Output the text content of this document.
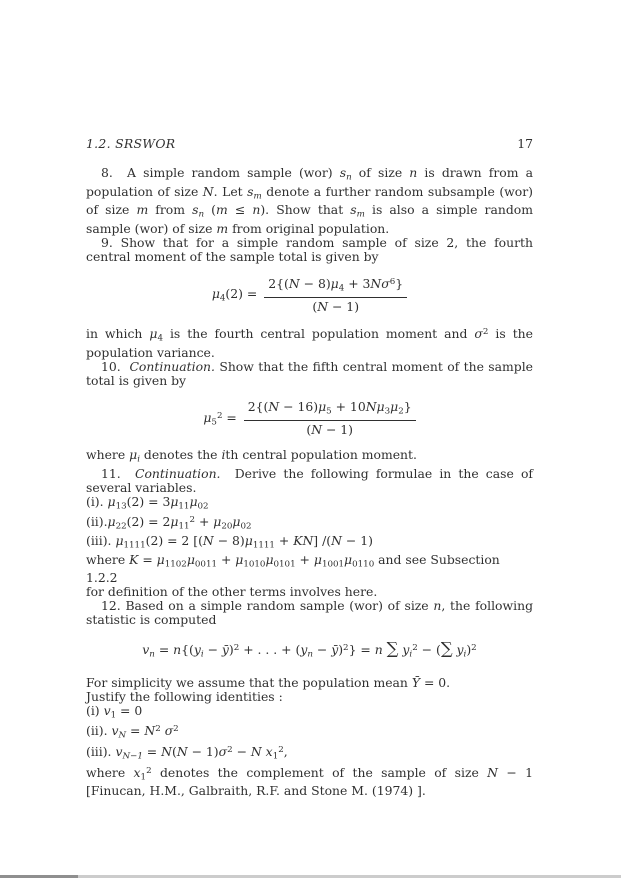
1.2. SRSWOR	17

8.  A simple random sample (wor) $s_n$ of size n is drawn from a population of size N. Let $s_m$ denote a further random subsample (wor) of size m from $s_n$ (m ≤ n). Show that $s_m$ is also a simple random sample (wor) of size m from original population.

9. Show that for a simple random sample of size 2, the fourth central moment of the sample total is given by

$\mu_4(2) = \frac{2\{(N - 8)\mu_4 + 3N\sigma^6\}}{(N - 1)}$

in which $\mu_4$ is the fourth central population moment and $\sigma^2$ is the population variance.

10.  Continuation. Show that the fifth central moment of the sample total is given by

$\mu_5^2 = \frac{2\{(N - 16)\mu_5 + 10N\mu_3\mu_2\}}{(N - 1)}$

where $\mu_i$ denotes the ith central population moment.

11.  Continuation.  Derive the following formulae in the case of several variables.

(i). $\mu_{13}(2) = 3\mu_{11}\mu_{02}$

$(ii).\mu_{22}(2) = 2\mu_{11}^2 + \mu_{20}\mu_{02}$

(iii). $\mu_{1111}(2) = 2$ $[(N - 8)\mu_{1111} + KN]$ /(N − 1)

where $K = \mu_{1102}\mu_{0011} + \mu_{1010}\mu_{0101} + \mu_{1001}\mu_{0110}$ and see Subsection 1.2.2

for definition of the other terms involves here.

12. Based on a simple random sample (wor) of size n, the following statistic is computed

$v_n = n\{(y_i$ − ȳ)$^2$ + . . . + ($y_n$ − ȳ)$^2$} = n ∑ $y_i^2$ − (∑ $y_i)^2$

For simplicity we assume that the population mean Ȳ = 0.

Justify the following identities :

(i) $v_1 = 0$

(ii). $v_N = N^2$ $\sigma^2$

(iii). $v_{N-1} = N(N - 1)\sigma^2 - N$ $x_1^2$,

where $x_1^2$ denotes the complement of the sample of size N − 1 [Finucan, H.M., Galbraith, R.F. and Stone M. (1974) ].
